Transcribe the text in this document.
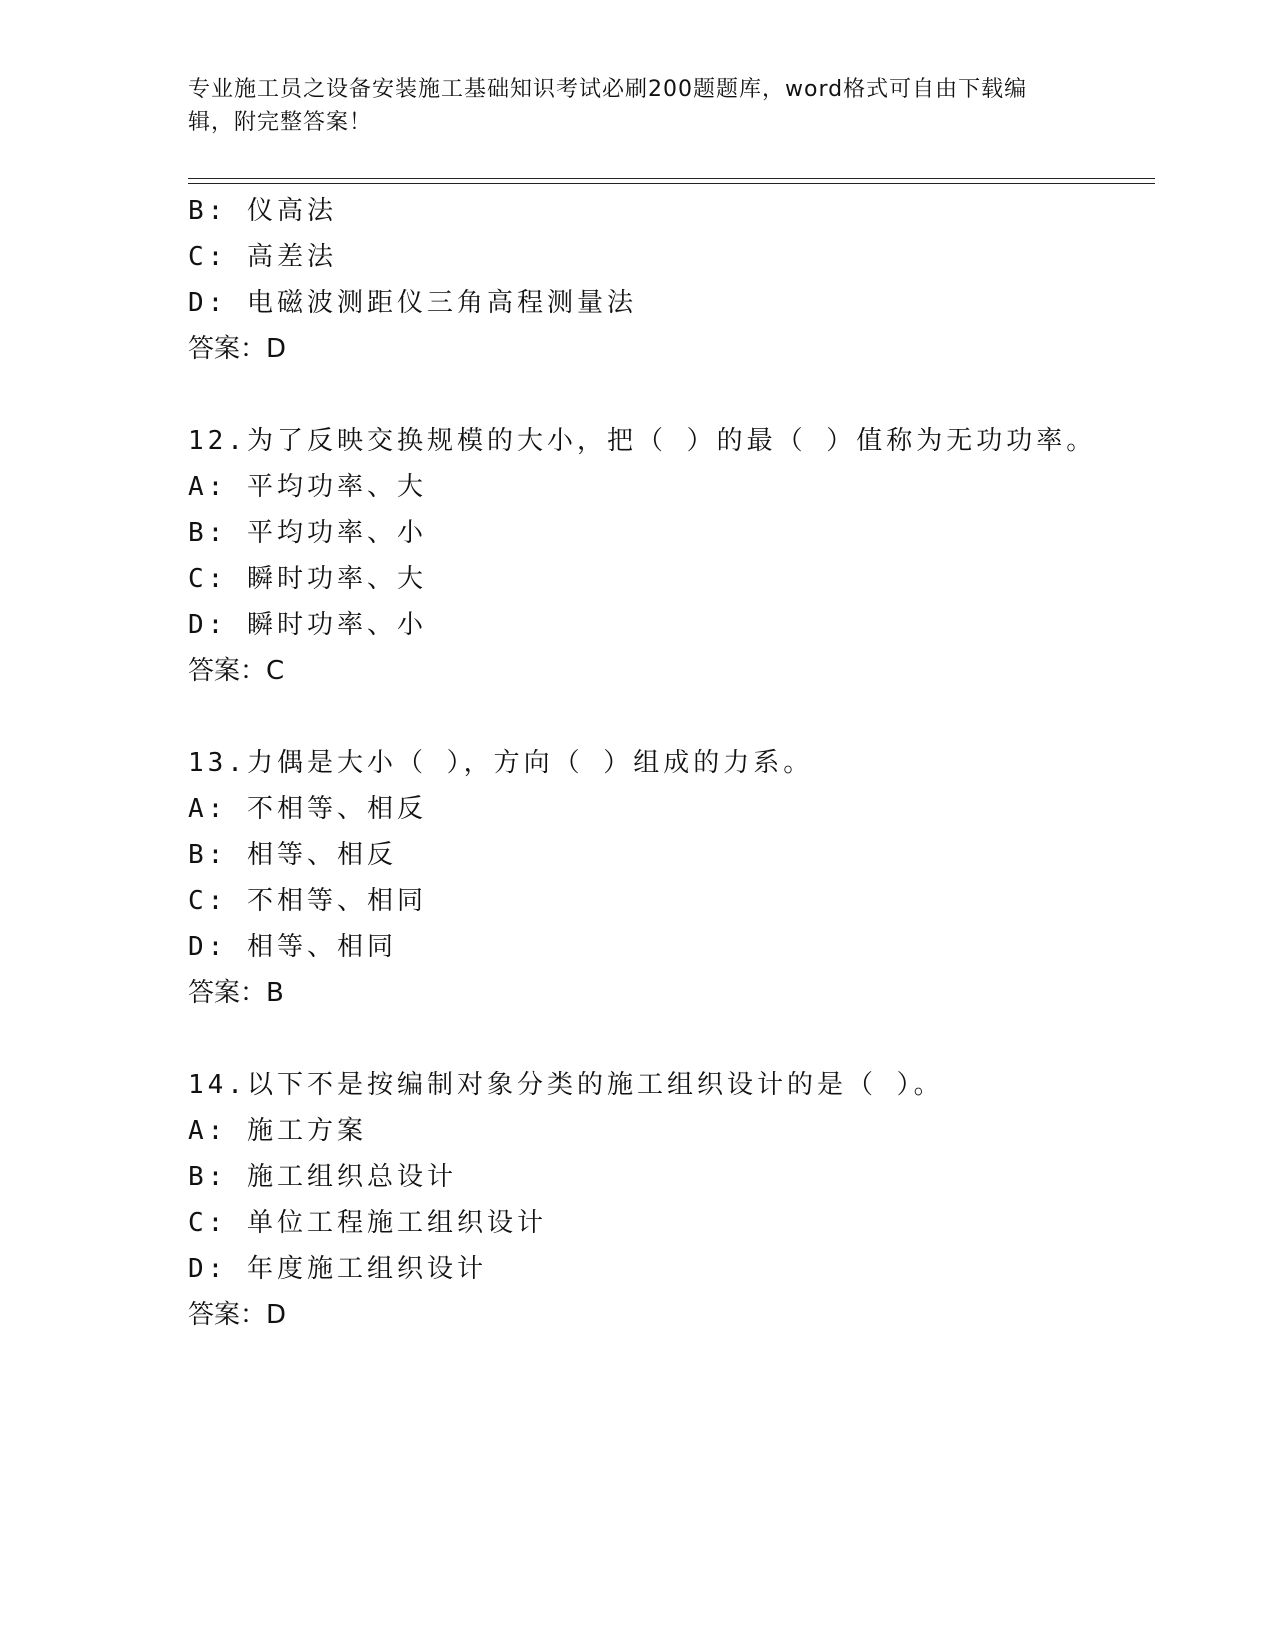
专业施工员之设备安装施工基础知识考试必刷200题题库，word格式可自由下载编辑，附完整答案！
B: 仪高法
C: 高差法
D: 电磁波测距仪三角高程测量法
答案：D
12.为了反映交换规模的大小，把（ ）的最（ ）值称为无功功率。
A: 平均功率、大
B: 平均功率、小
C: 瞬时功率、大
D: 瞬时功率、小
答案：C
13.力偶是大小（ ），方向（ ）组成的力系。
A: 不相等、相反
B: 相等、相反
C: 不相等、相同
D: 相等、相同
答案：B
14.以下不是按编制对象分类的施工组织设计的是（ ）。
A: 施工方案
B: 施工组织总设计
C: 单位工程施工组织设计
D: 年度施工组织设计
答案：D
